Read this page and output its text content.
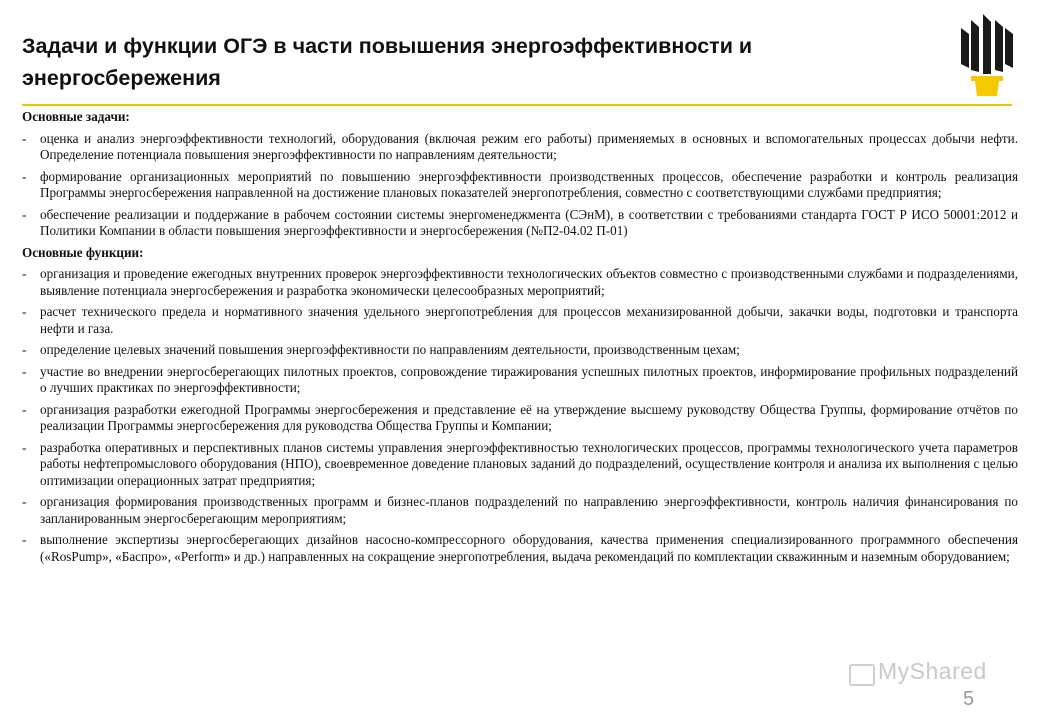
Задачи и функции ОГЭ в части повышения энергоэффективности и энергосбережения
Основные задачи:
- оценка и анализ энергоэффективности технологий, оборудования (включая режим его работы) применяемых в основных и вспомогательных процессах добычи нефти. Определение потенциала повышения энергоэффективности по направлениям деятельности;
- формирование организационных мероприятий по повышению энергоэффективности производственных процессов, обеспечение разработки и контроль реализация Программы энергосбережения направленной на достижение плановых показателей энергопотребления, совместно с соответствующими службами предприятия;
- обеспечение реализации и поддержание в рабочем состоянии системы энергоменеджмента (СЭнМ), в соответствии с требованиями стандарта ГОСТ Р ИСО 50001:2012 и Политики Компании в области повышения энергоэффективности и энергосбережения (№П2-04.02 П-01)
Основные функции:
- организация и проведение ежегодных внутренних проверок энергоэффективности технологических объектов совместно с производственными службами и подразделениями, выявление потенциала энергосбережения и разработка экономически целесообразных мероприятий;
- расчет технического предела и нормативного значения удельного энергопотребления для процессов механизированной добычи, закачки воды, подготовки и транспорта нефти и газа.
- определение целевых значений повышения энергоэффективности по направлениям деятельности, производственным цехам;
- участие во внедрении энергосберегающих пилотных проектов, сопровождение тиражирования успешных пилотных проектов, информирование профильных подразделений о лучших практиках по энергоэффективности;
- организация разработки ежегодной Программы энергосбережения и представление её на утверждение высшему руководству Общества Группы, формирование отчётов по реализации Программы энергосбережения для руководства Общества Группы и Компании;
- разработка оперативных и перспективных планов системы управления энергоэффективностью технологических процессов, программы технологического учета параметров работы нефтепромыслового оборудования (НПО), своевременное доведение плановых заданий до подразделений, осуществление контроля и анализа их выполнения с целью оптимизации операционных затрат предприятия;
- организация формирования производственных программ и бизнес-планов подразделений по направлению энергоэффективности, контроль наличия финансирования по запланированным энергосберегающим мероприятиям;
- выполнение экспертизы энергосберегающих дизайнов насосно-компрессорного оборудования, качества применения специализированного программного обеспечения («RosPump», «Баспро», «Perform» и др.) направленных на сокращение энергопотребления, выдача рекомендаций по комплектации скважинным и наземным оборудованием;
MyShared
5
